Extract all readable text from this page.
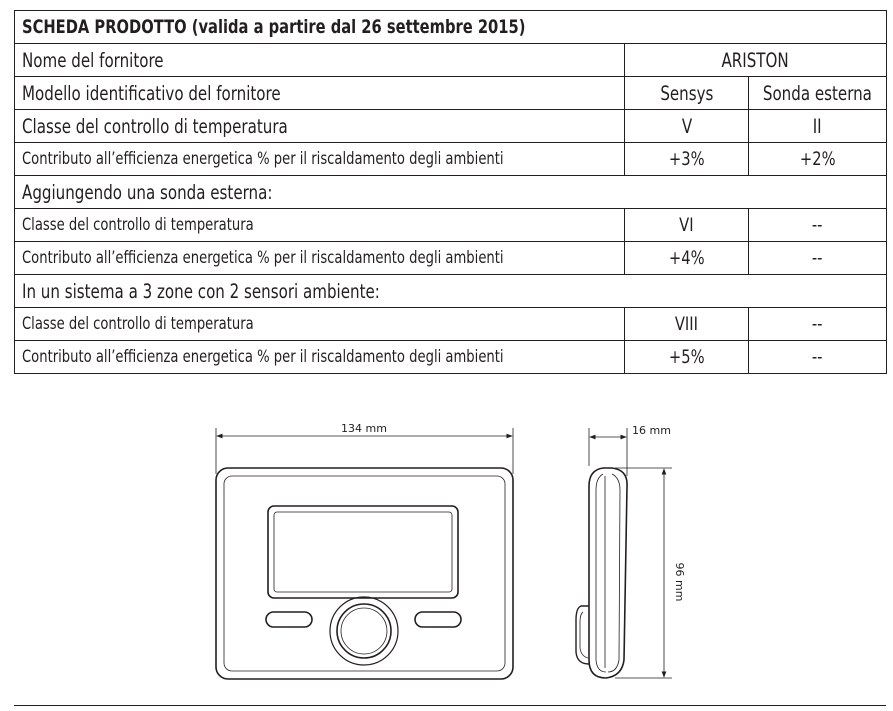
SCHEDA PRODOTTO (valida a partire dal 26 settembre 2015)		
Nome del fornitore	ARISTON	
Modello identificativo del fornitore	Sensys	Sonda esterna
Classe del controllo di temperatura	V	II
Contributo all’efficienza energetica % per il riscaldamento degli ambienti	+3%	+2%
Aggiungendo una sonda esterna:		
Classe del controllo di temperatura	VI	--
Contributo all’efficienza energetica % per il riscaldamento degli ambienti	+4%	--
In un sistema a 3 zone con 2 sensori ambiente:		
Classe del controllo di temperatura	VIII	--
Contributo all’efficienza energetica % per il riscaldamento degli ambienti	+5%	--
134 mm	16 mm
96 mm
